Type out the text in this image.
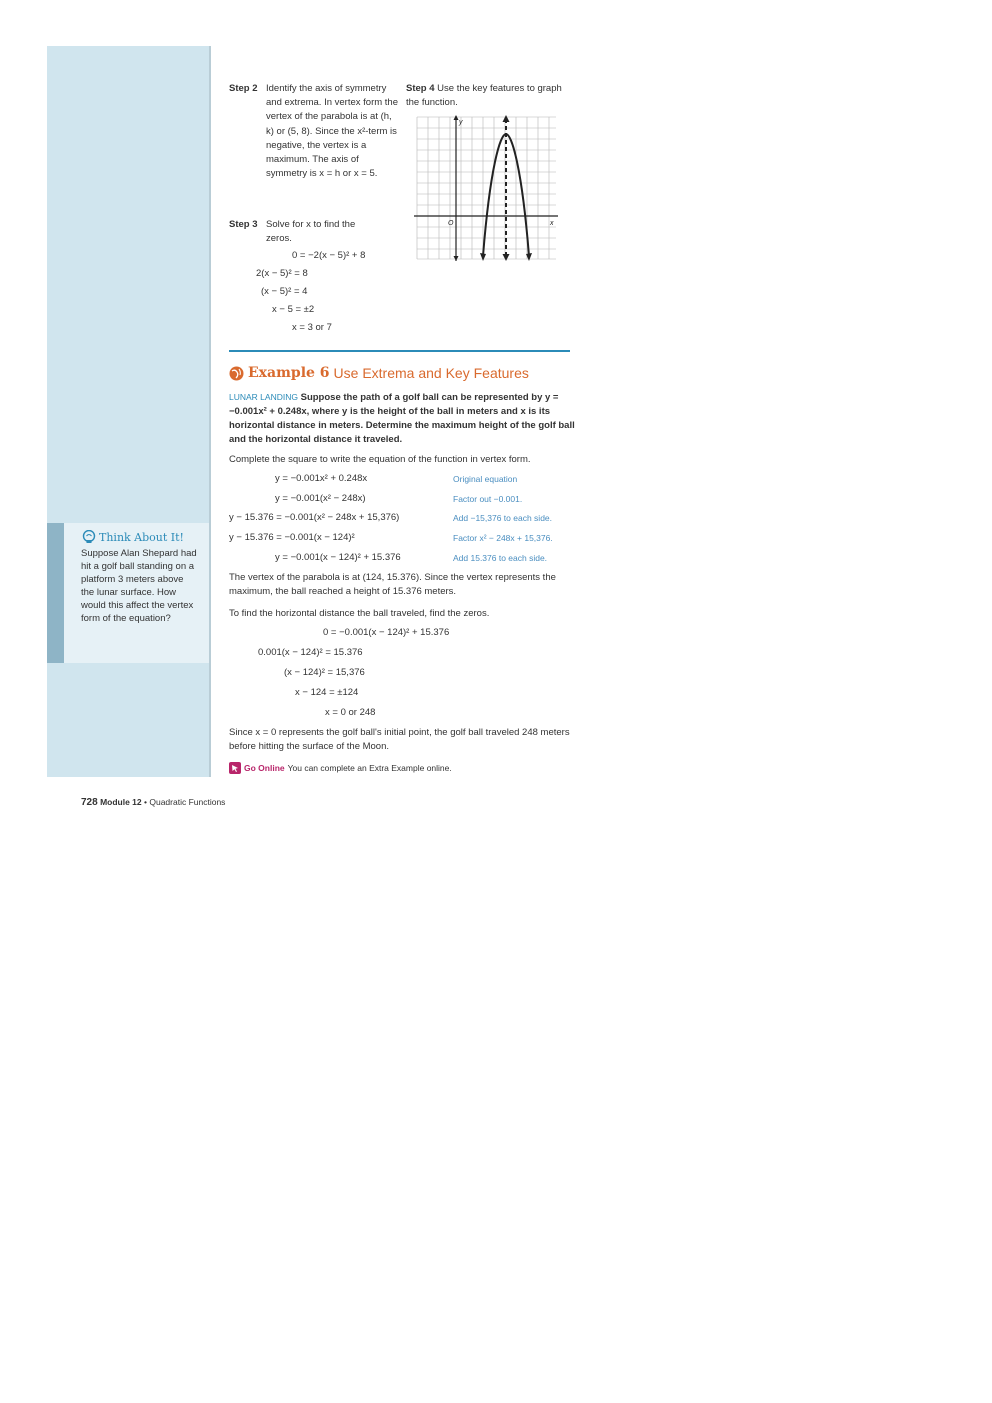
Think About It!
Suppose Alan Shepard had hit a golf ball standing on a platform 3 meters above the lunar surface. How would this affect the vertex form of the equation?
Step 2 Identify the axis of symmetry and extrema. In vertex form the vertex of the parabola is at (h, k) or (5, 8). Since the x²-term is negative, the vertex is a maximum. The axis of symmetry is x = h or x = 5.
Step 3 Solve for x to find the zeros.
0 = −2(x − 5)² + 8
2(x − 5)² = 8
(x − 5)² = 4
x − 5 = ±2
x = 3 or 7
Step 4 Use the key features to graph the function.
y
x
O
Example 6 Use Extrema and Key Features
LUNAR LANDING Suppose the path of a golf ball can be represented by y = −0.001x² + 0.248x, where y is the height of the ball in meters and x is its horizontal distance in meters. Determine the maximum height of the golf ball and the horizontal distance it traveled.
Complete the square to write the equation of the function in vertex form.
y = −0.001x² + 0.248x	Original equation
y = −0.001(x² − 248x)	Factor out −0.001.
y − 15.376 = −0.001(x² − 248x + 15,376)	Add −15,376 to each side.
y − 15.376 = −0.001(x − 124)²	Factor x² − 248x + 15,376.
y = −0.001(x − 124)² + 15.376	Add 15.376 to each side.
The vertex of the parabola is at (124, 15.376). Since the vertex represents the maximum, the ball reached a height of 15.376 meters.
To find the horizontal distance the ball traveled, find the zeros.
0 = −0.001(x − 124)² + 15.376
0.001(x − 124)² = 15.376
(x − 124)² = 15,376
x − 124 = ±124
x = 0 or 248
Since x = 0 represents the golf ball's initial point, the golf ball traveled 248 meters before hitting the surface of the Moon.
Go Online You can complete an Extra Example online.
728 Module 12 • Quadratic Functions
